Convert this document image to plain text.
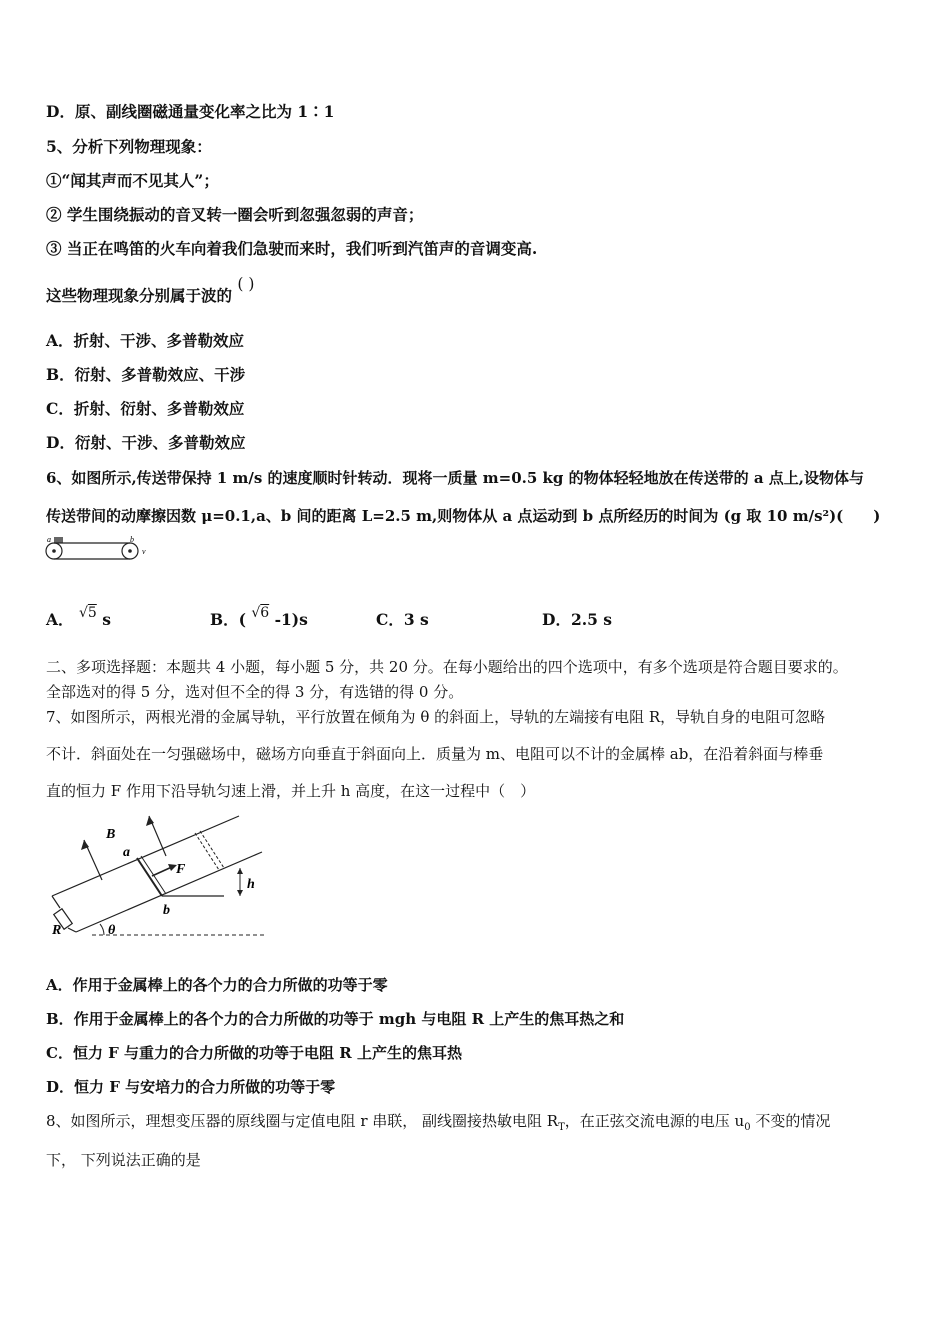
D．原、副线圈磁通量变化率之比为 1∶1
5、分析下列物理现象：
①“闻其声而不见其人”；
② 学生围绕振动的音叉转一圈会听到忽强忽弱的声音；
③ 当正在鸣笛的火车向着我们急驶而来时，我们听到汽笛声的音调变高.
这些物理现象分别属于波的 ( )
A．折射、干涉、多普勒效应
B．衍射、多普勒效应、干涉
C．折射、衍射、多普勒效应
D．衍射、干涉、多普勒效应
6、如图所示,传送带保持 1 m/s 的速度顺时针转动．现将一质量 m=0.5 kg 的物体轻轻地放在传送带的 a 点上,设物体与
传送带间的动摩擦因数 μ=0.1,a、b 间的距离 L=2.5 m,则物体从 a 点运动到 b 点所经历的时间为 (g 取 10 m/s²)(　　)
a	b
v
A． √5 s	B．( √6 -1)s	C．3 s	D．2.5 s
二、多项选择题：本题共 4 小题，每小题 5 分，共 20 分。在每小题给出的四个选项中，有多个选项是符合题目要求的。
全部选对的得 5 分，选对但不全的得 3 分，有选错的得 0 分。
7、如图所示，两根光滑的金属导轨，平行放置在倾角为 θ 的斜面上，导轨的左端接有电阻 R，导轨自身的电阻可忽略
不计．斜面处在一匀强磁场中，磁场方向垂直于斜面向上．质量为 m、电阻可以不计的金属棒 ab，在沿着斜面与棒垂
直的恒力 F 作用下沿导轨匀速上滑，并上升 h 高度，在这一过程中（　）
B
a
F
h
b
R	θ
A．作用于金属棒上的各个力的合力所做的功等于零
B．作用于金属棒上的各个力的合力所做的功等于 mgh 与电阻 R 上产生的焦耳热之和
C．恒力 F 与重力的合力所做的功等于电阻 R 上产生的焦耳热
D．恒力 F 与安培力的合力所做的功等于零
8、如图所示，理想变压器的原线圈与定值电阻 r 串联， 副线圈接热敏电阻 $R_T$，在正弦交流电源的电压 $u_0$ 不变的情况
下， 下列说法正确的是
